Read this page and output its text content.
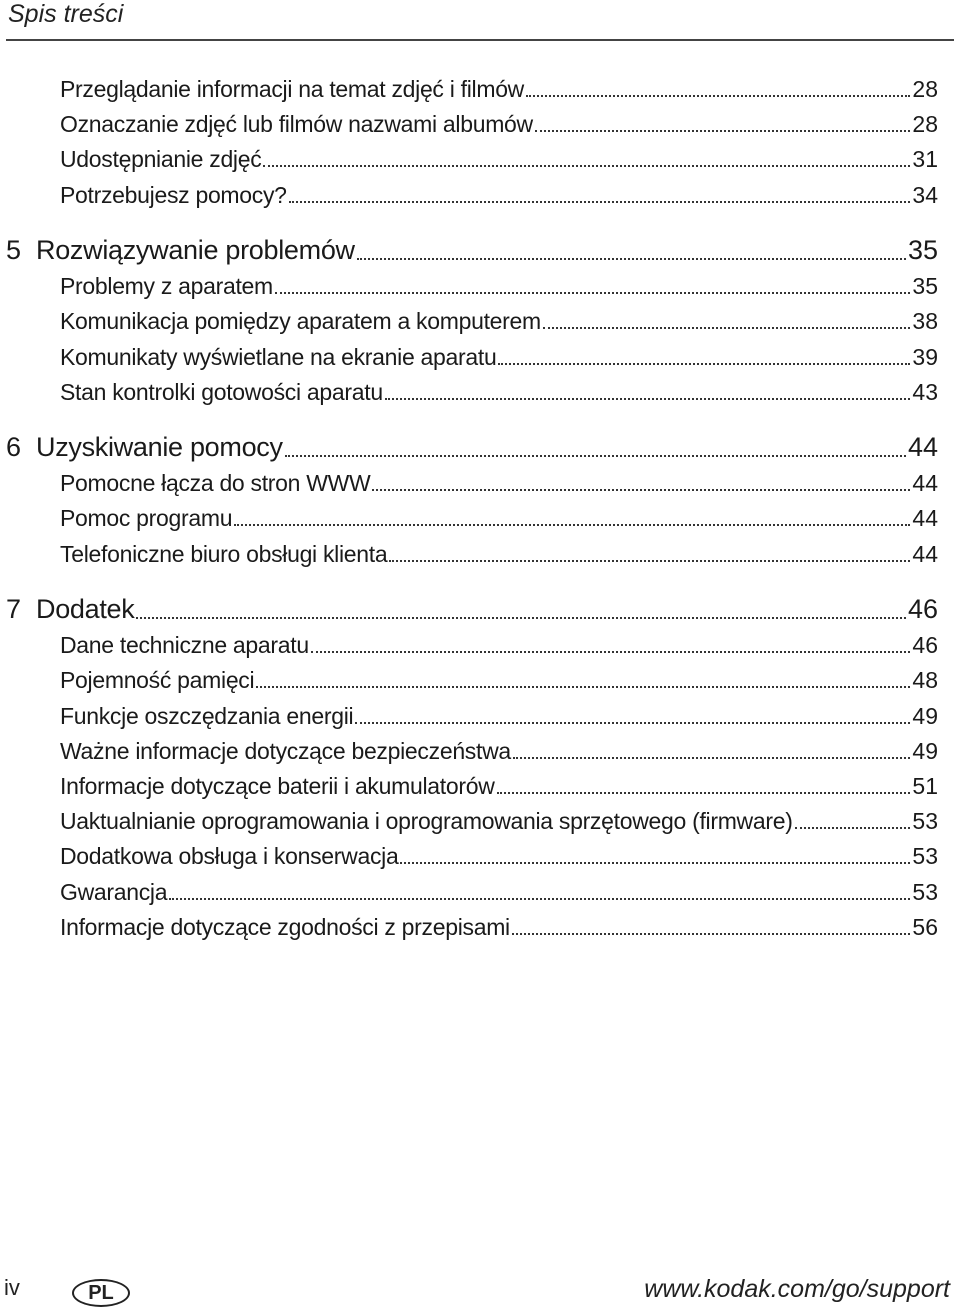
Spis treści
Przeglądanie informacji na temat zdjęć i filmów	28
Oznaczanie zdjęć lub filmów nazwami albumów	28
Udostępnianie zdjęć	31
Potrzebujesz pomocy?	34
5 Rozwiązywanie problemów	35
Problemy z aparatem	35
Komunikacja pomiędzy aparatem a komputerem	38
Komunikaty wyświetlane na ekranie aparatu	39
Stan kontrolki gotowości aparatu	43
6 Uzyskiwanie pomocy	44
Pomocne łącza do stron WWW	44
Pomoc programu	44
Telefoniczne biuro obsługi klienta	44
7 Dodatek	46
Dane techniczne aparatu	46
Pojemność pamięci	48
Funkcje oszczędzania energii	49
Ważne informacje dotyczące bezpieczeństwa	49
Informacje dotyczące baterii i akumulatorów	51
Uaktualnianie oprogramowania i oprogramowania sprzętowego (firmware)	53
Dodatkowa obsługa i konserwacja	53
Gwarancja	53
Informacje dotyczące zgodności z przepisami	56
iv	PL	www.kodak.com/go/support
